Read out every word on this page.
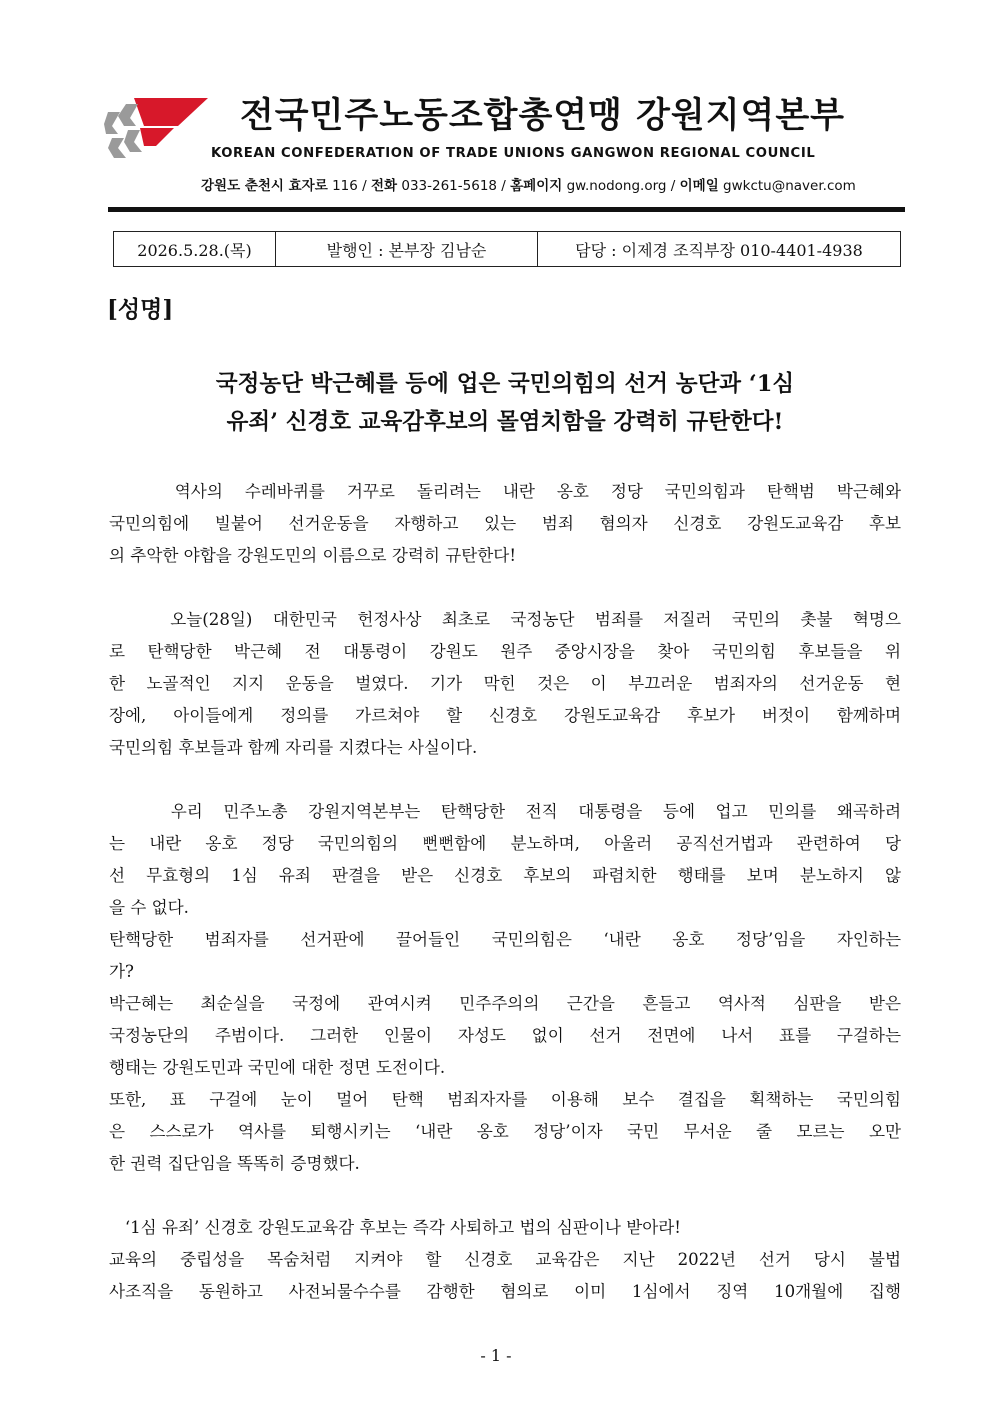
전국민주노동조합총연맹 강원지역본부
KOREAN CONFEDERATION OF TRADE UNIONS GANGWON REGIONAL COUNCIL
강원도 춘천시 효자로 116 / 전화 033-261-5618 / 홈페이지 gw.nodong.org / 이메일 gwkctu@naver.com
2026.5.28.(목)	발행인 : 본부장 김남순	담당 : 이제경 조직부장 010-4401-4938
[성명]
국정농단 박근혜를 등에 업은 국민의힘의 선거 농단과 ‘1심
유죄’ 신경호 교육감후보의 몰염치함을 강력히 규탄한다!
역사의 수레바퀴를 거꾸로 돌리려는 내란 옹호 정당 국민의힘과 탄핵범 박근혜와
국민의힘에 빌붙어 선거운동을 자행하고 있는 범죄 혐의자 신경호 강원도교육감 후보
의 추악한 야합을 강원도민의 이름으로 강력히 규탄한다!
오늘(28일) 대한민국 헌정사상 최초로 국정농단 범죄를 저질러 국민의 촛불 혁명으
로 탄핵당한 박근혜 전 대통령이 강원도 원주 중앙시장을 찾아 국민의힘 후보들을 위
한 노골적인 지지 운동을 벌였다. 기가 막힌 것은 이 부끄러운 범죄자의 선거운동 현
장에, 아이들에게 정의를 가르쳐야 할 신경호 강원도교육감 후보가 버젓이 함께하며
국민의힘 후보들과 함께 자리를 지켰다는 사실이다.
우리 민주노총 강원지역본부는 탄핵당한 전직 대통령을 등에 업고 민의를 왜곡하려
는 내란 옹호 정당 국민의힘의 뻔뻔함에 분노하며, 아울러 공직선거법과 관련하여 당
선 무효형의 1심 유죄 판결을 받은 신경호 후보의 파렴치한 행태를 보며 분노하지 않
을 수 없다.
탄핵당한 범죄자를 선거판에 끌어들인 국민의힘은 ‘내란 옹호 정당’임을 자인하는
가?
박근혜는 최순실을 국정에 관여시켜 민주주의의 근간을 흔들고 역사적 심판을 받은
국정농단의 주범이다. 그러한 인물이 자성도 없이 선거 전면에 나서 표를 구걸하는
행태는 강원도민과 국민에 대한 정면 도전이다.
또한, 표 구걸에 눈이 멀어 탄핵 범죄자자를 이용해 보수 결집을 획책하는 국민의힘
은 스스로가 역사를 퇴행시키는 ‘내란 옹호 정당’이자 국민 무서운 줄 모르는 오만
한 권력 집단임을 똑똑히 증명했다.
‘1심 유죄’ 신경호 강원도교육감 후보는 즉각 사퇴하고 법의 심판이나 받아라!
교육의 중립성을 목숨처럼 지켜야 할 신경호 교육감은 지난 2022년 선거 당시 불법
사조직을 동원하고 사전뇌물수수를 감행한 혐의로 이미 1심에서 징역 10개월에 집행
- 1 -
